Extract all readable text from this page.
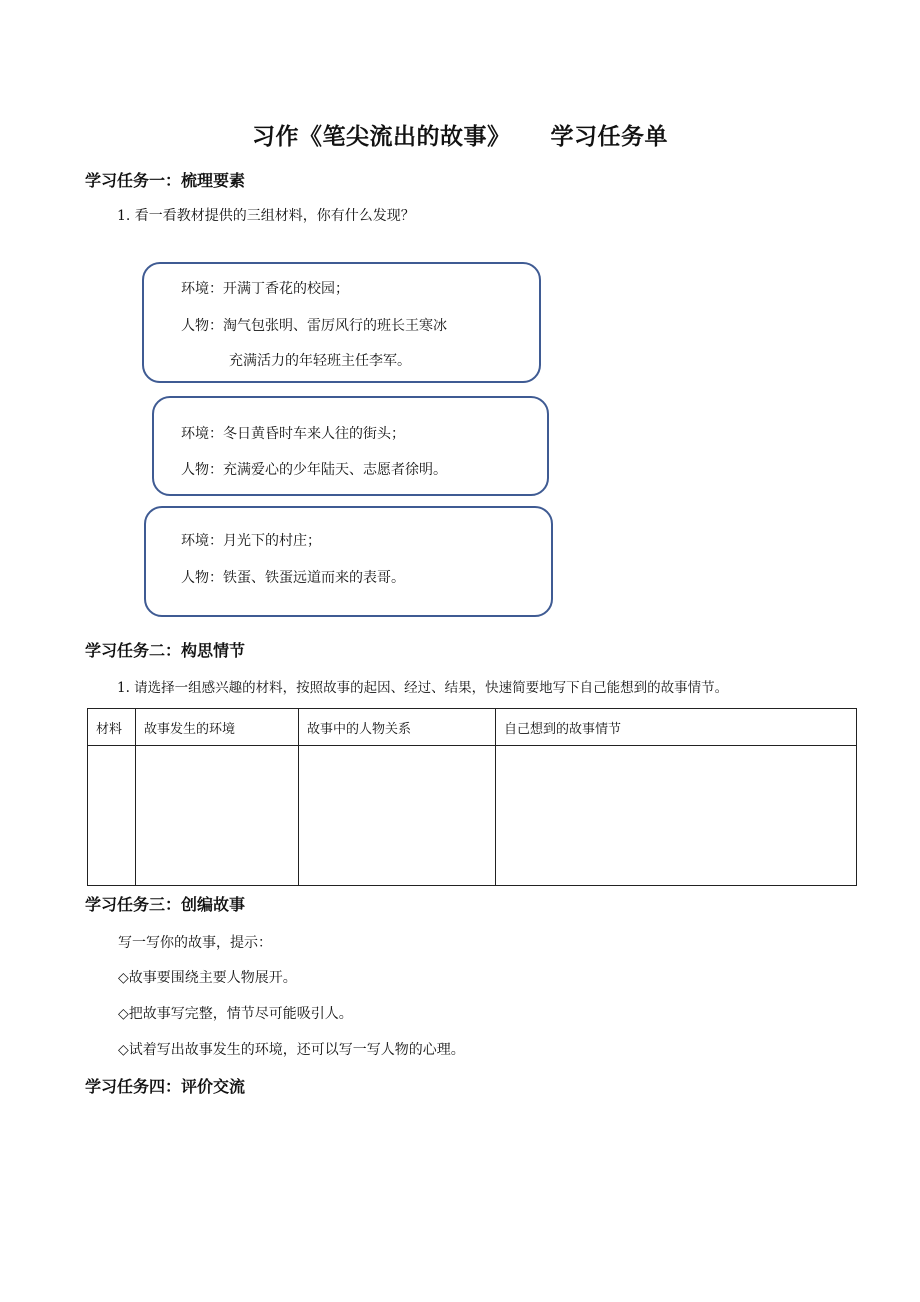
习作《笔尖流出的故事》 学习任务单
学习任务一：梳理要素
1. 看一看教材提供的三组材料，你有什么发现？
环境：开满丁香花的校园；
人物：淘气包张明、雷厉风行的班长王寒冰
充满活力的年轻班主任李军。
环境：冬日黄昏时车来人往的街头；
人物：充满爱心的少年陆天、志愿者徐明。
环境：月光下的村庄；
人物：铁蛋、铁蛋远道而来的表哥。
学习任务二：构思情节
1. 请选择一组感兴趣的材料，按照故事的起因、经过、结果，快速简要地写下自己能想到的故事情节。
材料	故事发生的环境	故事中的人物关系	自己想到的故事情节

学习任务三：创编故事
写一写你的故事，提示：
◇故事要围绕主要人物展开。
◇把故事写完整，情节尽可能吸引人。
◇试着写出故事发生的环境，还可以写一写人物的心理。
学习任务四：评价交流
